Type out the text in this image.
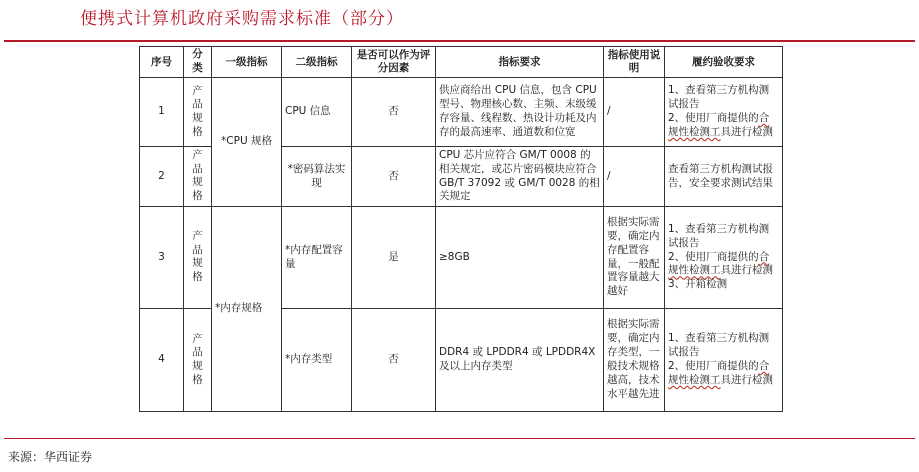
便携式计算机政府采购需求标准（部分）
序号	分类	一级指标	二级指标	是否可以作为评分因素	指标要求	指标使用说明	履约验收要求
1	产品规格	*CPU 规格	CPU 信息	否	供应商给出 CPU 信息，包含 CPU 型号、物理核心数、主频、末级缓存容量、线程数、热设计功耗及内存的最高速率、通道数和位宽	/	1、查看第三方机构测试报告
2、使用厂商提供的合规性检测工具进行检测

2	产品规格		*密码算法实现	否	CPU 芯片应符合 GM/T 0008 的相关规定，或芯片密码模块应符合 GB/T 37092 或 GM/T 0028 的相关规定	/	查看第三方机构测试报告，安全要求测试结果
3	产品规格	*内存规格	*内存配置容量	是	≥8GB	根据实际需要，确定内存配置容量，一般配置容量越大越好	1、查看第三方机构测试报告
2、使用厂商提供的合规性检测工具进行检测
3、开箱检测

4	产品规格		*内存类型	否	DDR4 或 LPDDR4 或 LPDDR4X 及以上内存类型	根据实际需要，确定内存类型，一般技术规格越高，技术水平越先进	1、查看第三方机构测试报告
2、使用厂商提供的合规性检测工具进行检测
来源：华西证券
